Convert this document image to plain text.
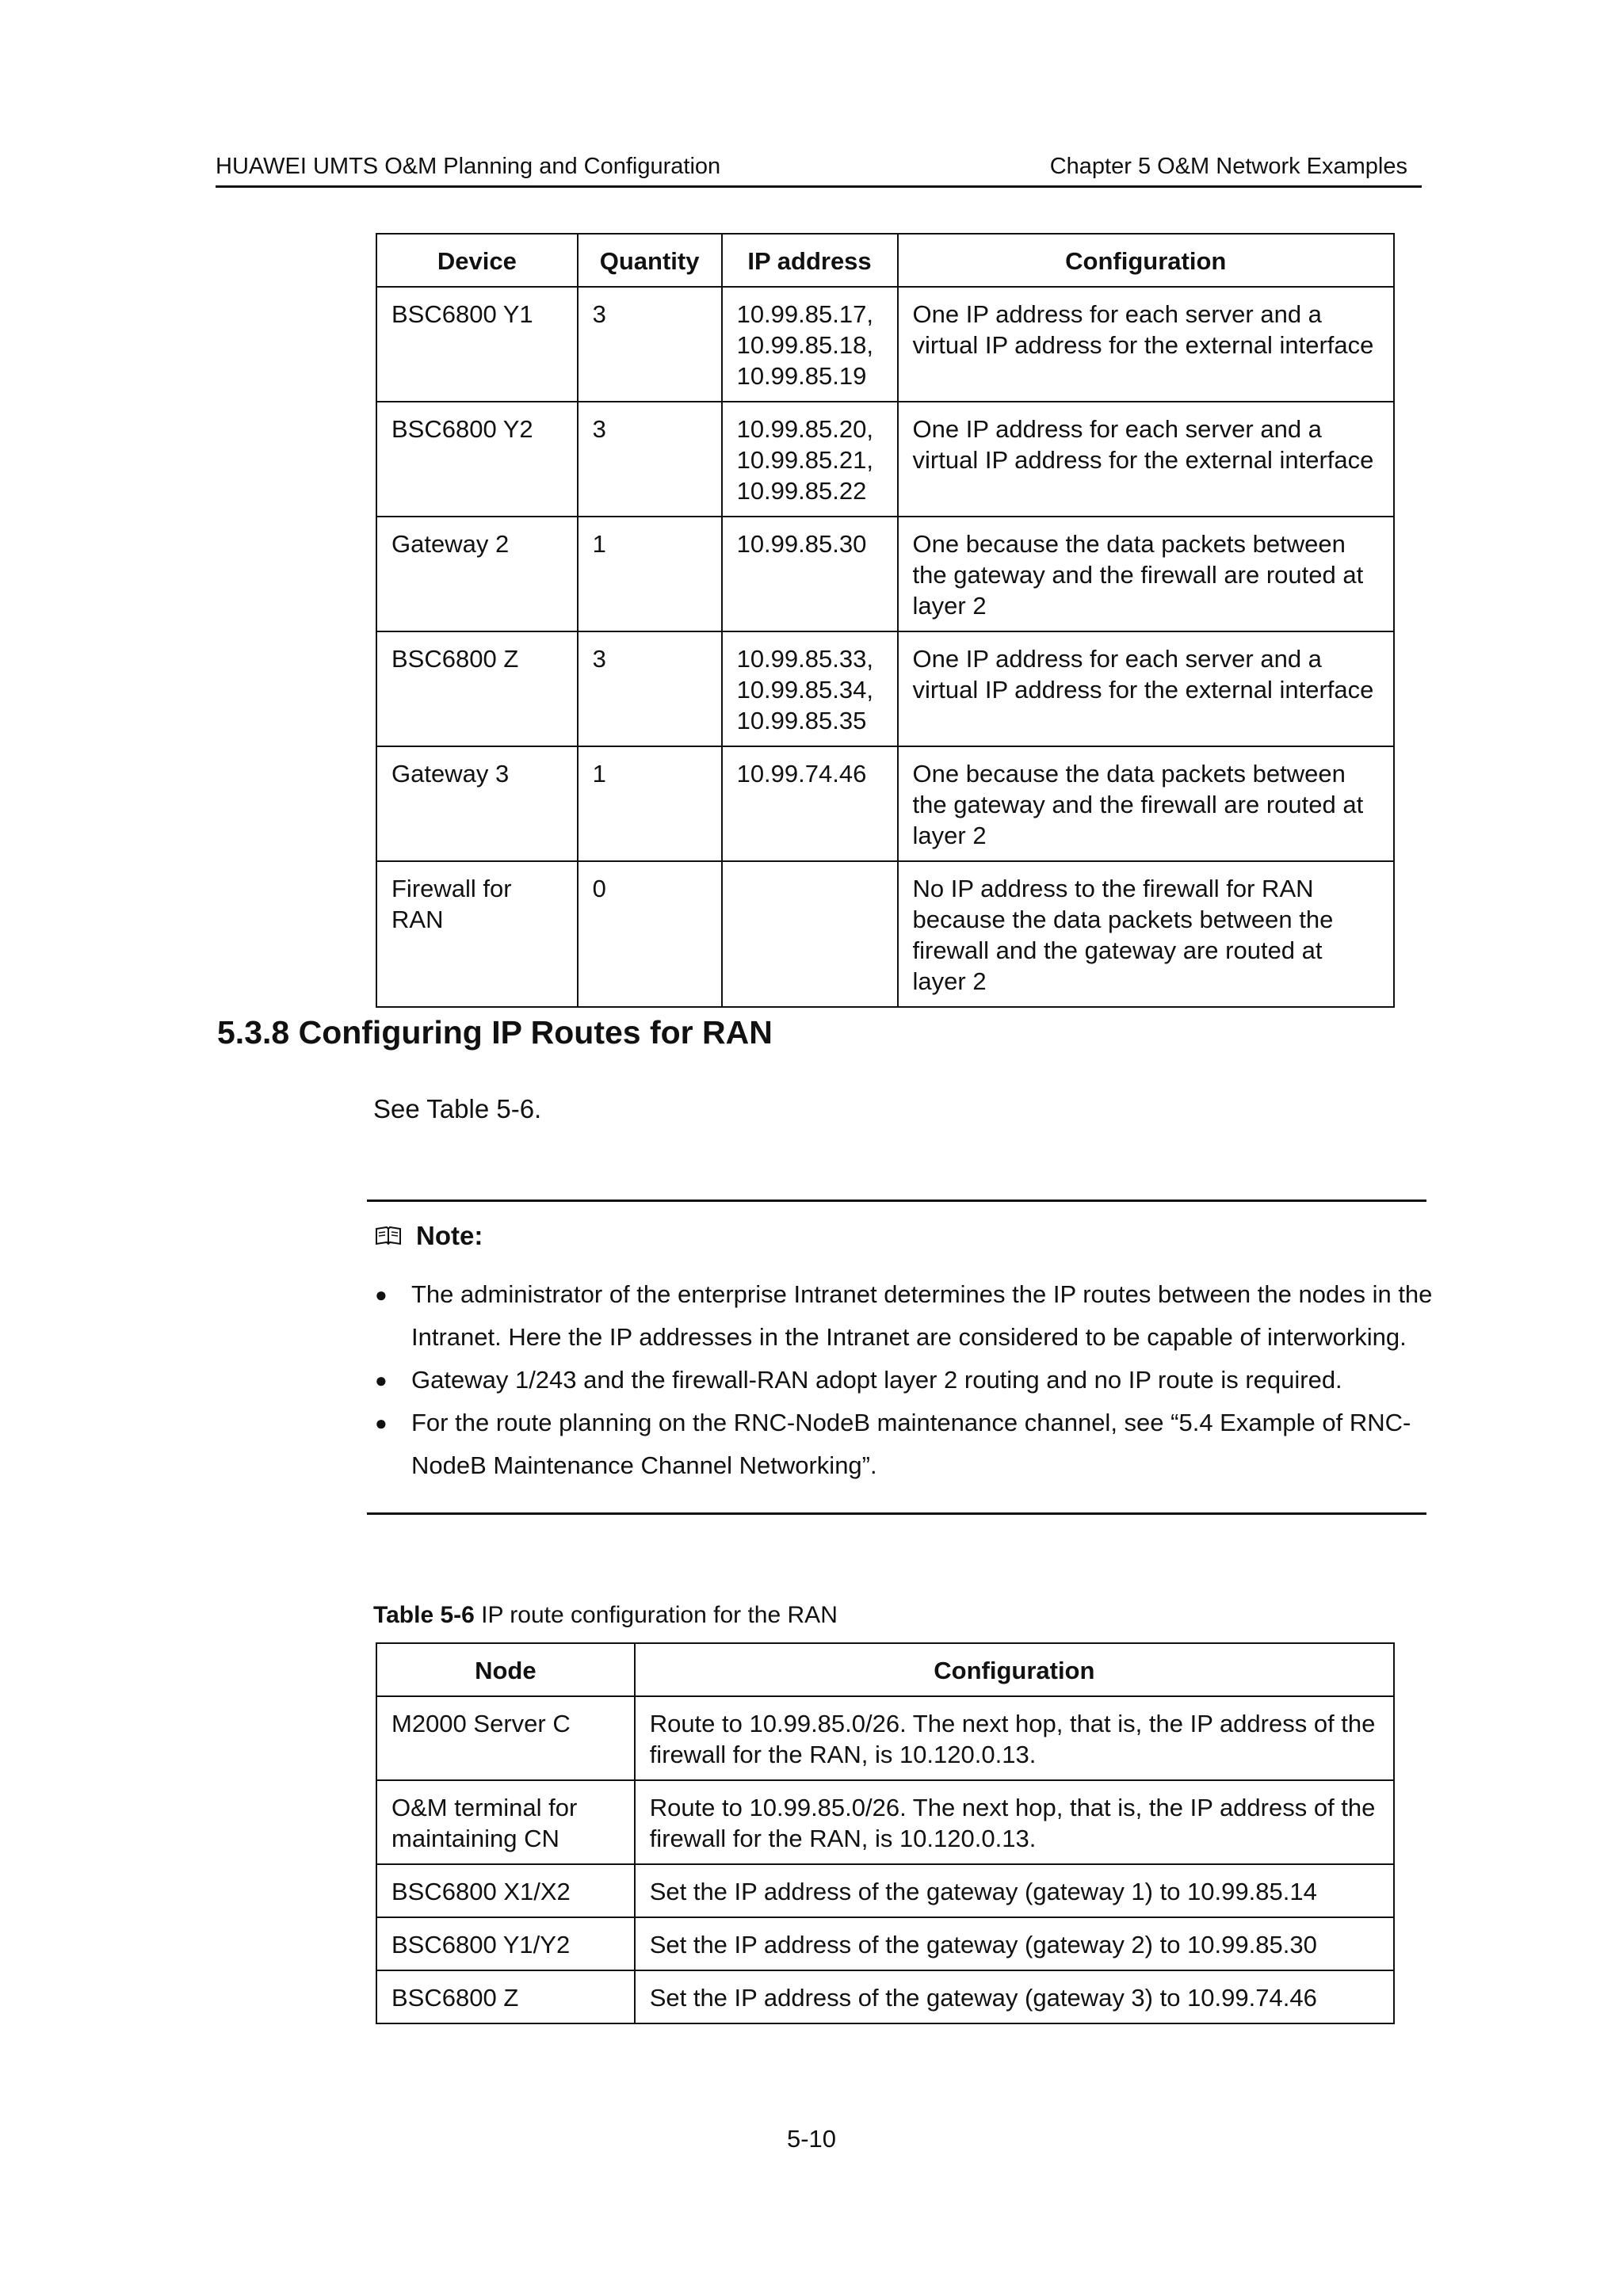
HUAWEI UMTS O&M Planning and Configuration	Chapter 5 O&M Network Examples
Device	Quantity	IP address	Configuration
BSC6800 Y1	3	10.99.85.17,
10.99.85.18,
10.99.85.19	One IP address for each server and a virtual IP address for the external interface
BSC6800 Y2	3	10.99.85.20,
10.99.85.21,
10.99.85.22	One IP address for each server and a virtual IP address for the external interface
Gateway 2	1	10.99.85.30	One because the data packets between the gateway and the firewall are routed at layer 2
BSC6800 Z	3	10.99.85.33,
10.99.85.34,
10.99.85.35	One IP address for each server and a virtual IP address for the external interface
Gateway 3	1	10.99.74.46	One because the data packets between the gateway and the firewall are routed at layer 2
Firewall for RAN	0		No IP address to the firewall for RAN because the data packets between the firewall and the gateway are routed at layer 2
5.3.8 Configuring IP Routes for RAN
See Table 5-6.
Note:
● The administrator of the enterprise Intranet determines the IP routes between the nodes in the Intranet. Here the IP addresses in the Intranet are considered to be capable of interworking.
● Gateway 1/243 and the firewall-RAN adopt layer 2 routing and no IP route is required.
● For the route planning on the RNC-NodeB maintenance channel, see “5.4 Example of RNC-NodeB Maintenance Channel Networking”.
Table 5-6 IP route configuration for the RAN
Node	Configuration
M2000 Server C	Route to 10.99.85.0/26. The next hop, that is, the IP address of the firewall for the RAN, is 10.120.0.13.
O&M terminal for maintaining CN	Route to 10.99.85.0/26. The next hop, that is, the IP address of the firewall for the RAN, is 10.120.0.13.
BSC6800 X1/X2	Set the IP address of the gateway (gateway 1) to 10.99.85.14
BSC6800 Y1/Y2	Set the IP address of the gateway (gateway 2) to 10.99.85.30
BSC6800 Z	Set the IP address of the gateway (gateway 3) to 10.99.74.46
5-10
